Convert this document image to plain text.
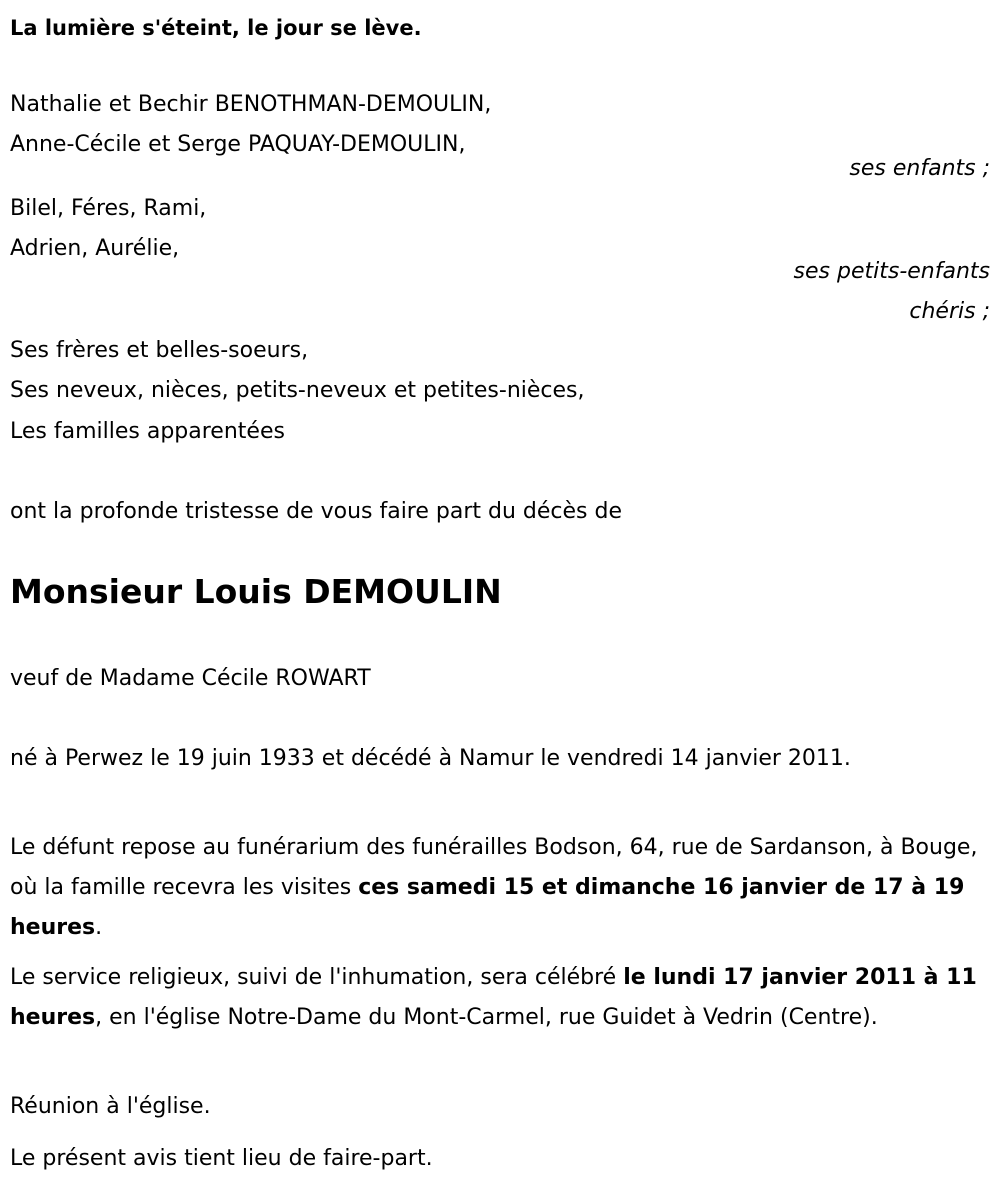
La lumière s'éteint, le jour se lève.
Nathalie et Bechir BENOTHMAN-DEMOULIN,
Anne-Cécile et Serge PAQUAY-DEMOULIN,
ses enfants ;
Bilel, Féres, Rami,
Adrien, Aurélie,
ses petits-enfants
chéris ;
Ses frères et belles-soeurs,
Ses neveux, nièces, petits-neveux et petites-nièces,
Les familles apparentées
ont la profonde tristesse de vous faire part du décès de
Monsieur Louis DEMOULIN
veuf de Madame Cécile ROWART
né à Perwez le 19 juin 1933 et décédé à Namur le vendredi 14 janvier 2011.
Le défunt repose au funérarium des funérailles Bodson, 64, rue de Sardanson, à Bouge, où la famille recevra les visites ces samedi 15 et dimanche 16 janvier de 17 à 19 heures.
Le service religieux, suivi de l'inhumation, sera célébré le lundi 17 janvier 2011 à 11 heures, en l'église Notre-Dame du Mont-Carmel, rue Guidet à Vedrin (Centre).
Réunion à l'église.
Le présent avis tient lieu de faire-part.
